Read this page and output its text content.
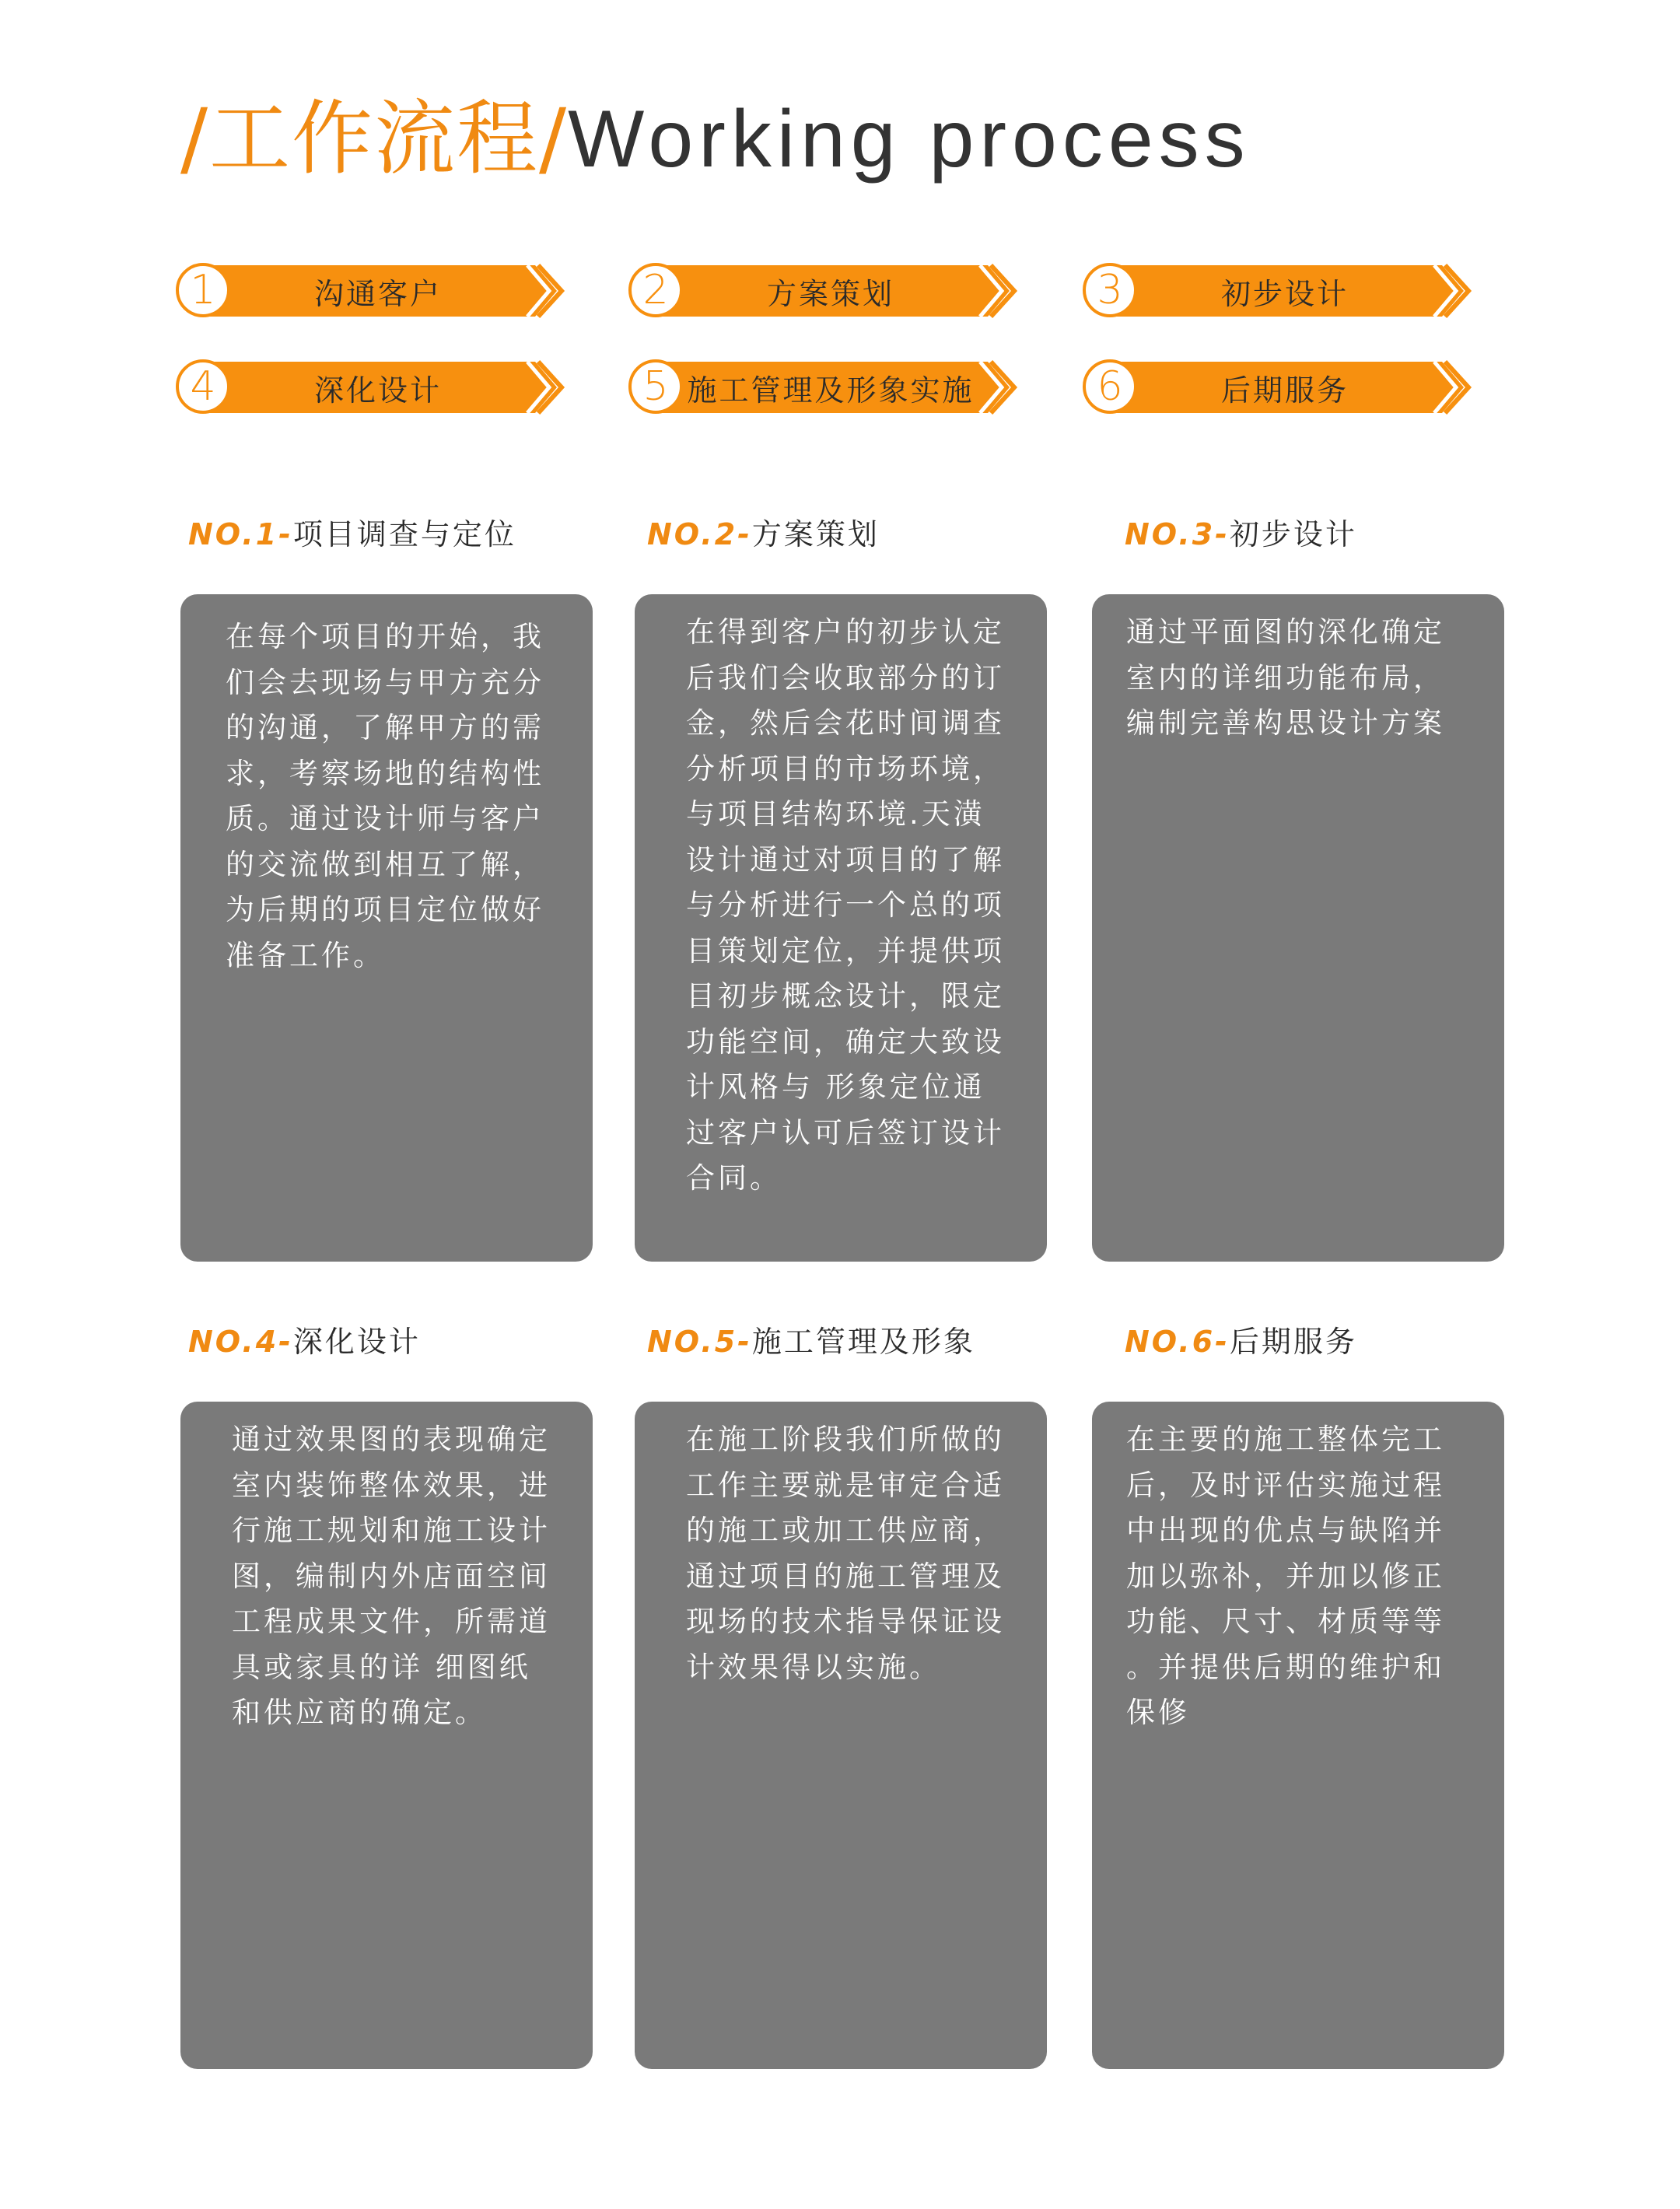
/工作流程/Working process
1	沟通客户	2	方案策划	3	初步设计
4	深化设计	5 施工管理及形象实施	6	后期服务
NO.1-项目调查与定位	NO.2-方案策划	NO.3-初步设计

在每个项目的开始，我
们会去现场与甲方充分
的沟通，了解甲方的需
求，考察场地的结构性
质。通过设计师与客户
的交流做到相互了解，
为后期的项目定位做好
准备工作。

在得到客户的初步认定
后我们会收取部分的订
金，然后会花时间调查
分析项目的市场环境，
与项目结构环境.天潢
设计通过对项目的了解
与分析进行一个总的项
目策划定位，并提供项
目初步概念设计，限定
功能空间，确定大致设
计风格与 形象定位通
过客户认可后签订设计
合同。

通过平面图的深化确定
室内的详细功能布局，
编制完善构思设计方案

NO.4-深化设计	NO.5-施工管理及形象	NO.6-后期服务

通过效果图的表现确定
室内装饰整体效果，进
行施工规划和施工设计
图，编制内外店面空间
工程成果文件，所需道
具或家具的详 细图纸
和供应商的确定。

在施工阶段我们所做的
工作主要就是审定合适
的施工或加工供应商，
通过项目的施工管理及
现场的技术指导保证设
计效果得以实施。

在主要的施工整体完工
后，及时评估实施过程
中出现的优点与缺陷并
加以弥补，并加以修正
功能、尺寸、材质等等
。并提供后期的维护和
保修
